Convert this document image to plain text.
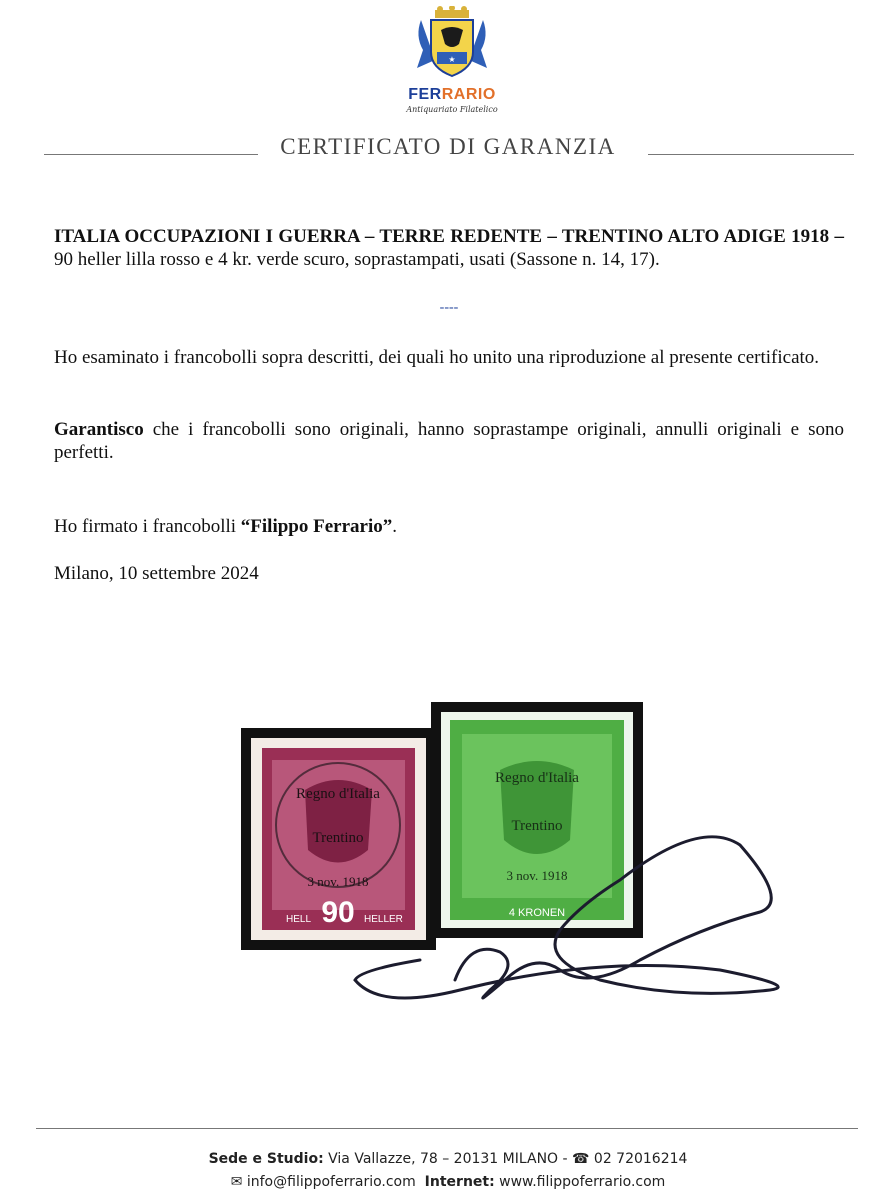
★
FERRARIO
Antiquariato Filatelico
CERTIFICATO DI GARANZIA
ITALIA OCCUPAZIONI I GUERRA – TERRE REDENTE – TRENTINO ALTO ADIGE 1918 – 90 heller lilla rosso e 4 kr. verde scuro, soprastampati, usati (Sassone n. 14, 17).
----
Ho esaminato i francobolli sopra descritti, dei quali ho unito una riproduzione al presente certificato.
Garantisco che i francobolli sono originali, hanno soprastampe originali, annulli originali e sono perfetti.
Ho firmato i francobolli “Filippo Ferrario”.
Milano, 10 settembre 2024
Regno d'Italia
Trentino
3 nov. 1918
90
HELL	HELLER
Regno d'Italia
Trentino
3 nov. 1918
4 KRONEN
Sede e Studio: Via Vallazze, 78 – 20131 MILANO - ☎ 02 72016214
✉ info@filippoferrario.com Internet: www.filippoferrario.com
